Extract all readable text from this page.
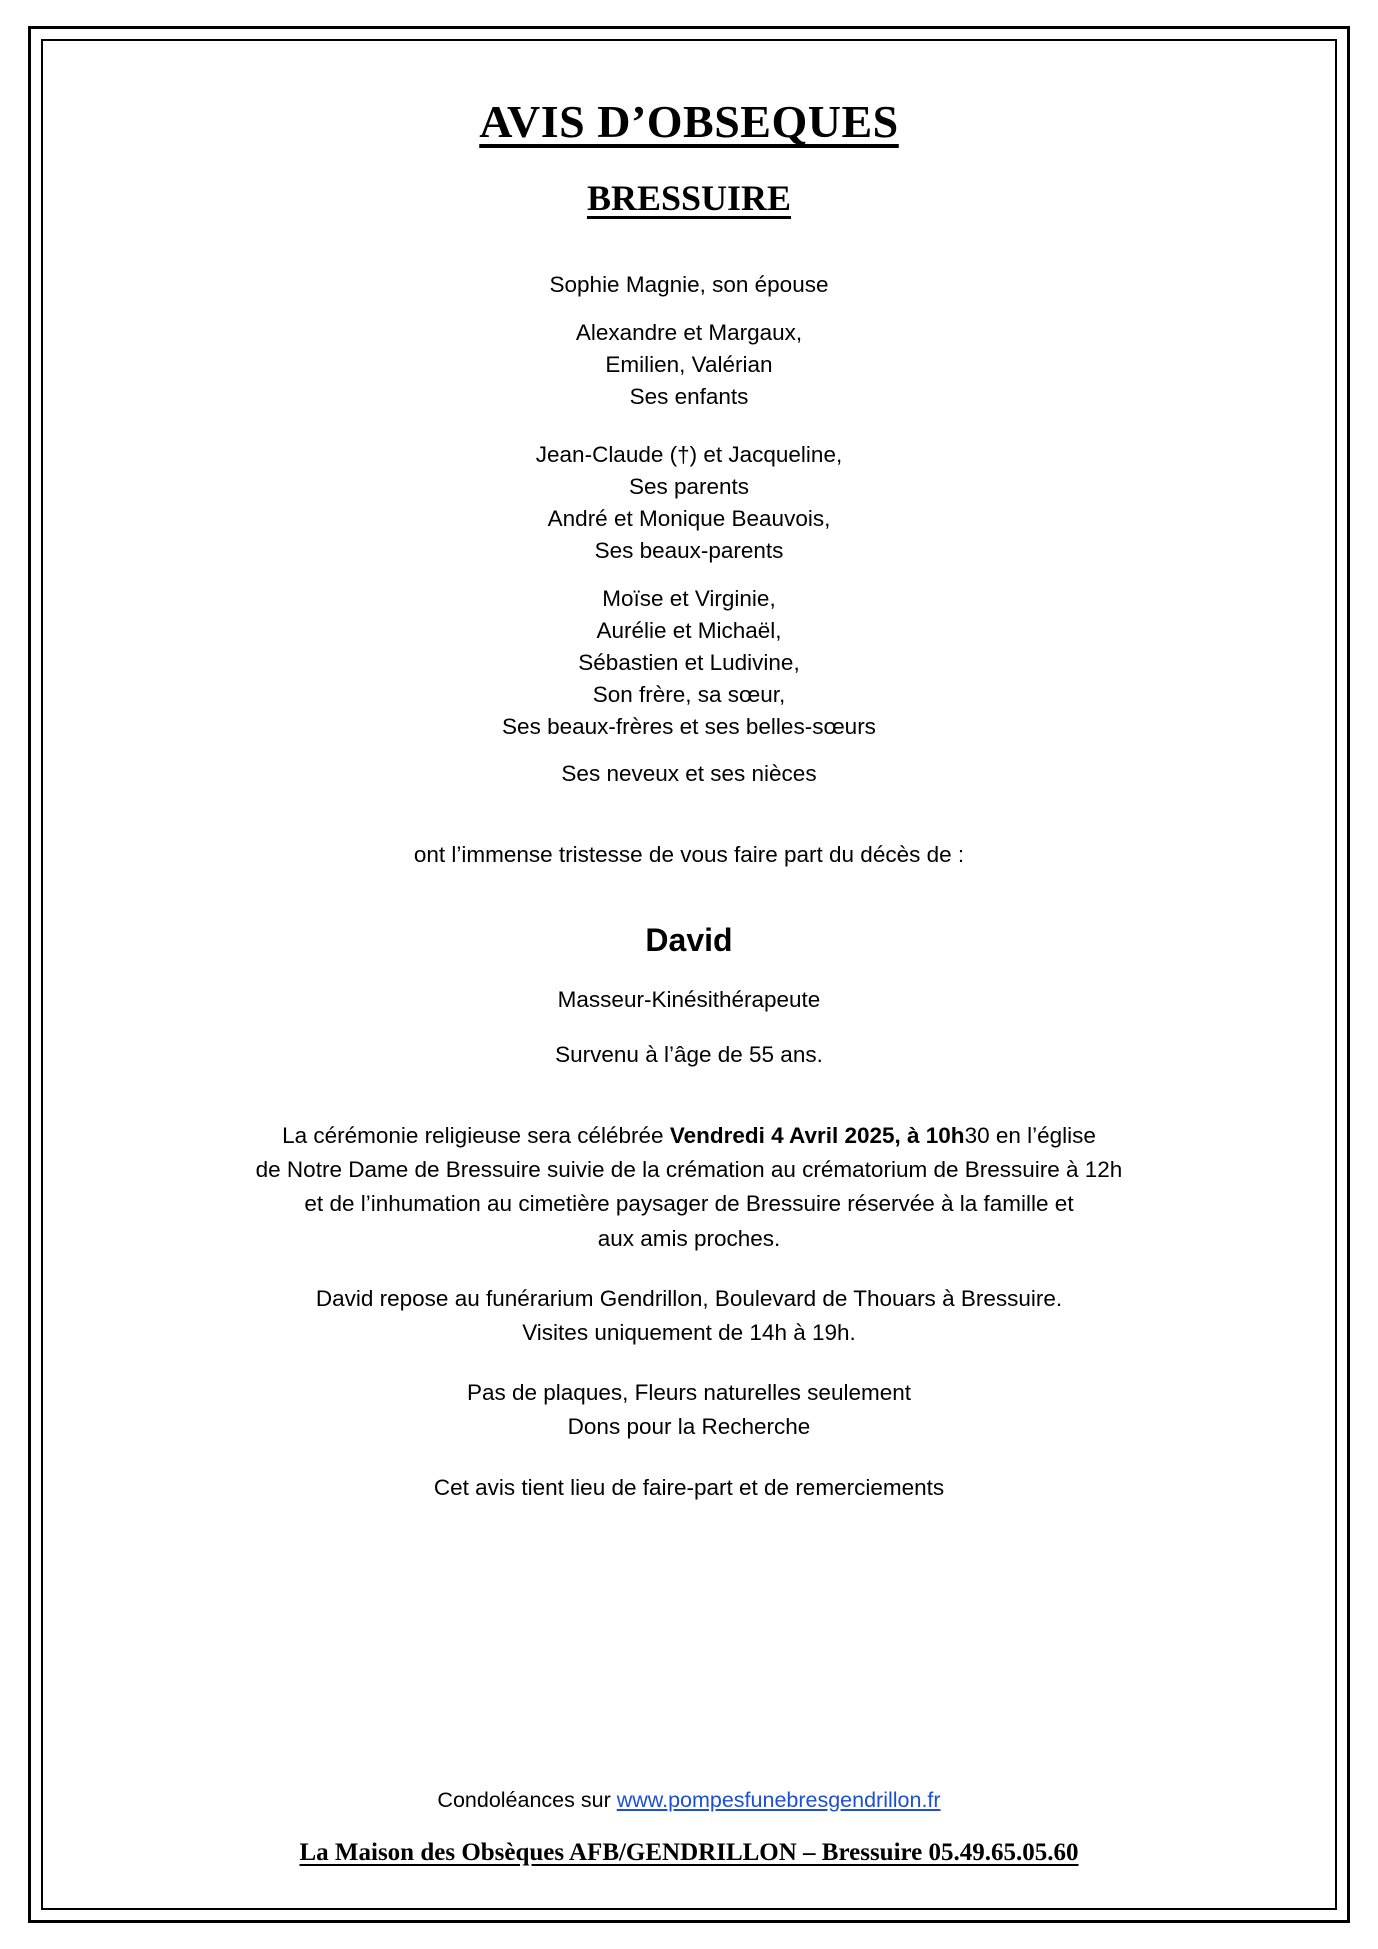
AVIS D’OBSEQUES
BRESSUIRE

Sophie Magnie, son épouse

Alexandre et Margaux,

Emilien, Valérian

Ses enfants

Jean-Claude (†) et Jacqueline,

Ses parents

André et Monique Beauvois,

Ses beaux-parents

Moïse et Virginie,

Aurélie et Michaël,

Sébastien et Ludivine,

Son frère, sa sœur,

Ses beaux-frères et ses belles-sœurs

Ses neveux et ses nièces

ont l’immense tristesse de vous faire part du décès de :

David

Masseur-Kinésithérapeute

Survenu à l’âge de 55 ans.

La cérémonie religieuse sera célébrée Vendredi 4 Avril 2025, à 10h30 en l’église

de Notre Dame de Bressuire suivie de la crémation au crématorium de Bressuire à 12h

et de l’inhumation au cimetière paysager de Bressuire réservée à la famille et

aux amis proches.

David repose au funérarium Gendrillon, Boulevard de Thouars à Bressuire.

Visites uniquement de 14h à 19h.

Pas de plaques, Fleurs naturelles seulement

Dons pour la Recherche

Cet avis tient lieu de faire-part et de remerciements

Condoléances sur www.pompesfunebresgendrillon.fr

La Maison des Obsèques AFB/GENDRILLON – Bressuire 05.49.65.05.60
